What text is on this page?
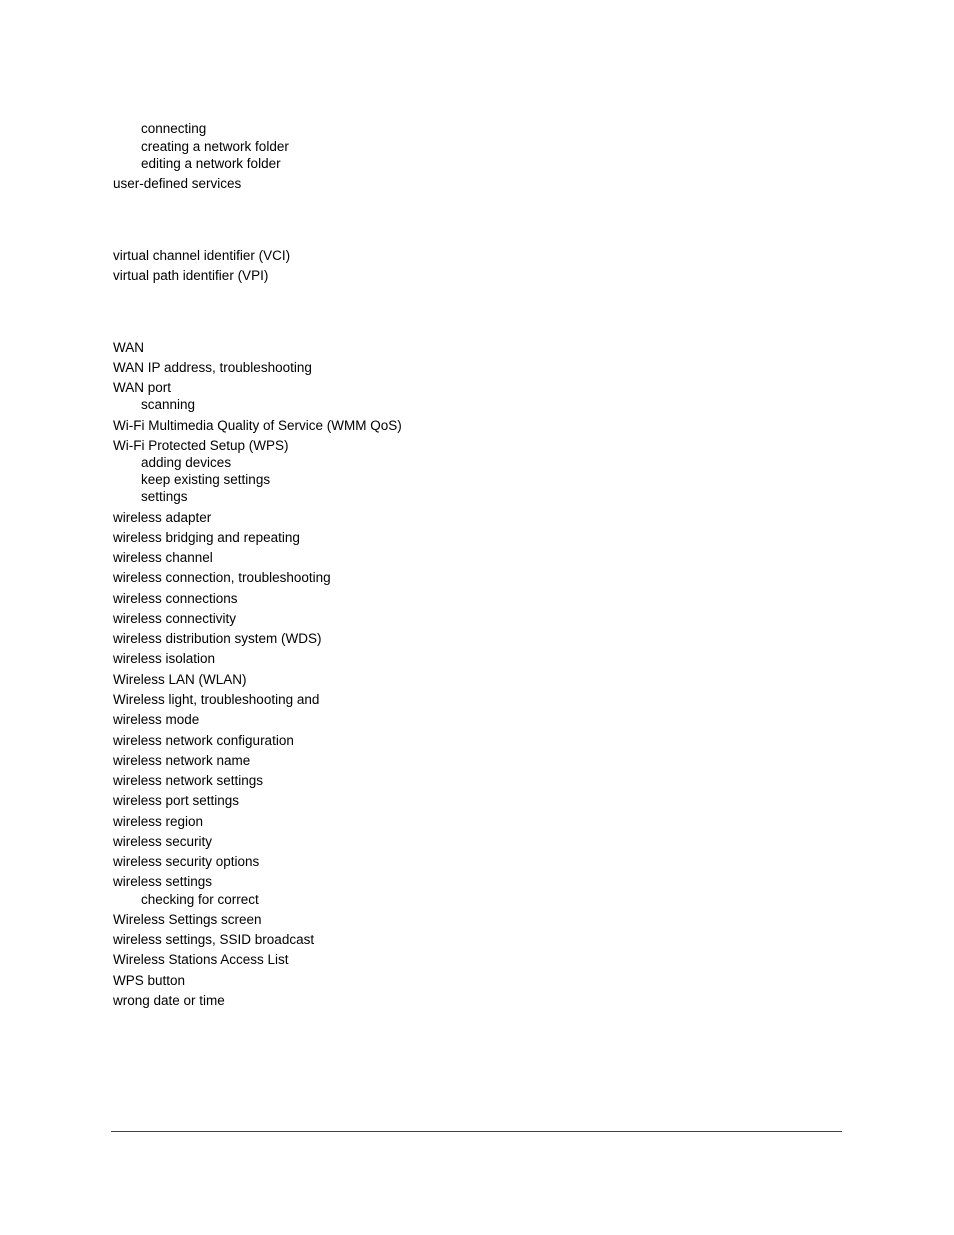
connecting
creating a network folder
editing a network folder
user-defined services
virtual channel identifier (VCI)
virtual path identifier (VPI)
WAN
WAN IP address, troubleshooting
WAN port
scanning
Wi-Fi Multimedia Quality of Service (WMM QoS)
Wi-Fi Protected Setup (WPS)
adding devices
keep existing settings
settings
wireless adapter
wireless bridging and repeating
wireless channel
wireless connection, troubleshooting
wireless connections
wireless connectivity
wireless distribution system (WDS)
wireless isolation
Wireless LAN (WLAN)
Wireless light, troubleshooting and
wireless mode
wireless network configuration
wireless network name
wireless network settings
wireless port settings
wireless region
wireless security
wireless security options
wireless settings
checking for correct
Wireless Settings screen
wireless settings, SSID broadcast
Wireless Stations Access List
WPS button
wrong date or time
